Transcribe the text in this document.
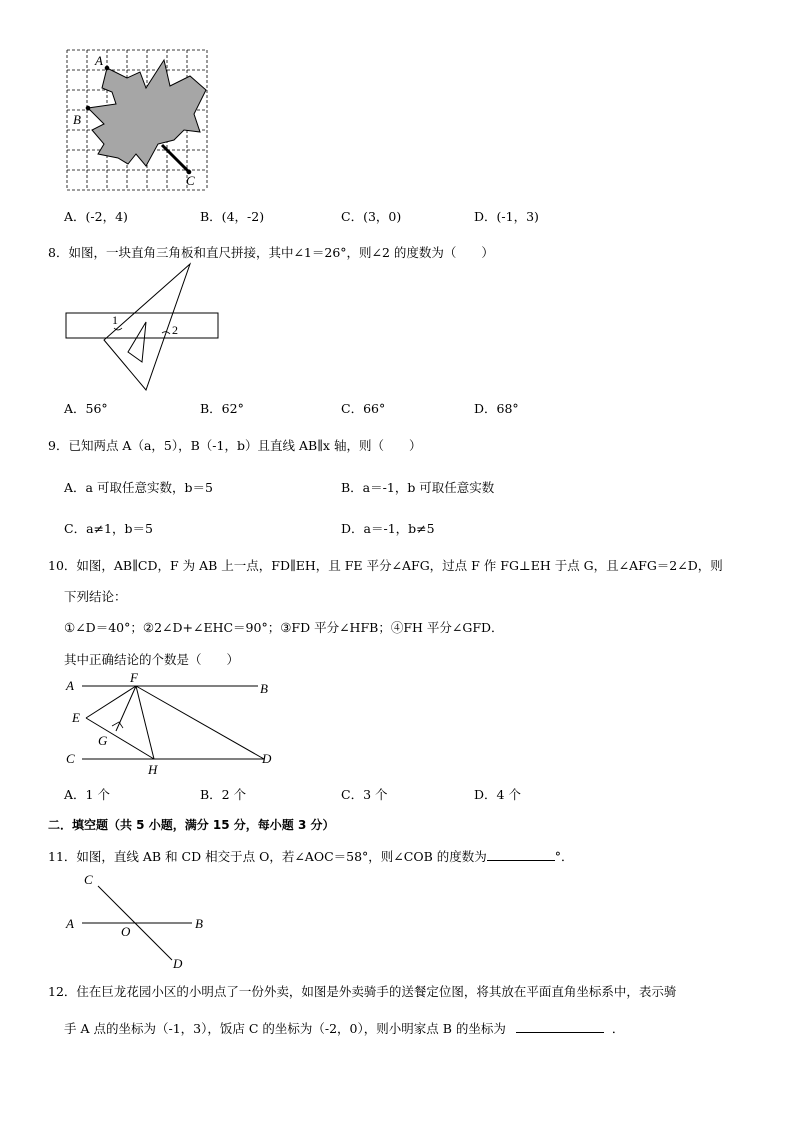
A
B
C
A．(-2，4)	B．(4，-2)	C．(3，0)	D．(-1，3)
8．如图，一块直角三角板和直尺拼接，其中∠1＝26°，则∠2 的度数为（　　）
1
2
A．56°	B．62°	C．66°	D．68°
9．已知两点 A（a，5），B（-1，b）且直线 AB∥x 轴，则（　　）
A．a 可取任意实数，b＝5	B．a＝-1，b 可取任意实数
C．a≠1，b＝5	D．a＝-1，b≠5
10．如图，AB∥CD，F 为 AB 上一点，FD∥EH，且 FE 平分∠AFG，过点 F 作 FG⊥EH 于点 G，且∠AFG＝2∠D，则
下列结论：
①∠D＝40°；②2∠D+∠EHC＝90°；③FD 平分∠HFB；④FH 平分∠GFD．
其中正确结论的个数是（　　）
A	B
F
E
G
C
H
D
A．1 个	B．2 个	C．3 个	D．4 个
二．填空题（共 5 小题，满分 15 分，每小题 3 分）
11．如图，直线 AB 和 CD 相交于点 O，若∠AOC＝58°，则∠COB 的度数为	°．
C
A
O
B
D
12．住在巨龙花园小区的小明点了一份外卖，如图是外卖骑手的送餐定位图，将其放在平面直角坐标系中，表示骑
手 A 点的坐标为（-1，3），饭店 C 的坐标为（-2，0），则小明家点 B 的坐标为	．
